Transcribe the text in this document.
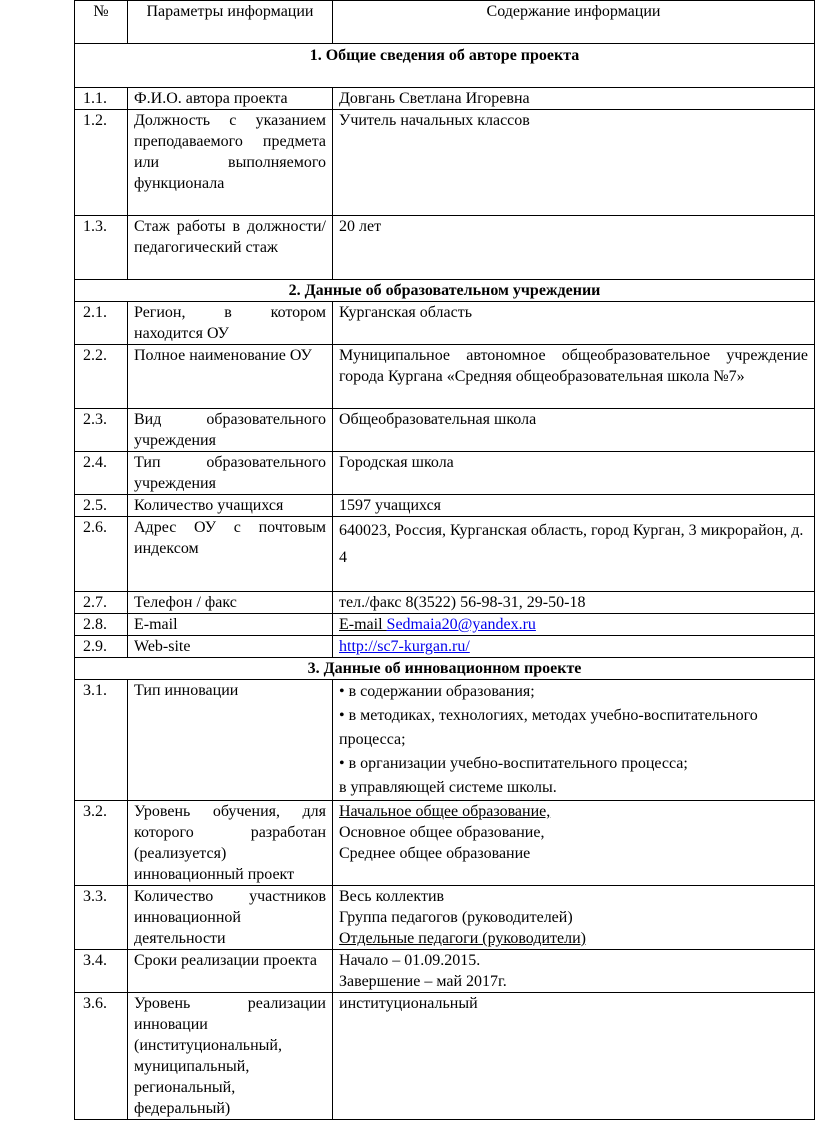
№	Параметры информации	Содержание информации
1. Общие сведения об авторе проекта		
1.1.	Ф.И.О. автора проекта	Довгань Светлана Игоревна
1.2.	Должность с указанием преподаваемого предмета или выполняемого функционала	Учитель начальных классов
1.3.	Стаж работы в должности/ педагогический стаж	20 лет
2. Данные об образовательном учреждении		
2.1.	Регион, в котором находится ОУ	Курганская область
2.2.	Полное наименование ОУ	Муниципальное автономное общеобразовательное учреждение города Кургана «Средняя общеобразовательная школа №7»
2.3.	Вид образовательного учреждения	Общеобразовательная школа
2.4.	Тип образовательного учреждения	Городская школа
2.5.	Количество учащихся	1597 учащихся
2.6.	Адрес ОУ с почтовым индексом	640023, Россия, Курганская область, город Курган, 3 микрорайон, д. 4
2.7.	Телефон / факс	тел./факс 8(3522) 56-98-31, 29-50-18
2.8.	E-mail	E-mail Sedmaia20@yandex.ru
2.9.	Web-site	http://sc7-kurgan.ru/
3. Данные об инновационном проекте		
3.1.	Тип инновации	• в содержании образования;

• в методиках, технологиях, методах учебно-воспитательного процесса;

• в организации учебно-воспитательного процесса;

в управляющей системе школы.

3.2.	Уровень обучения, для которого разработан (реализуется) инновационный проект	Начальное общее образование,

Основное общее образование,

Среднее общее образование

3.3.	Количество участников инновационной деятельности	Весь коллектив

Группа педагогов (руководителей)

Отдельные педагоги (руководители)

3.4.	Сроки реализации проекта	Начало – 01.09.2015.

Завершение – май 2017г.

3.6.	Уровень реализации инновации (институциональный, муниципальный, региональный, федеральный)	институциональный
